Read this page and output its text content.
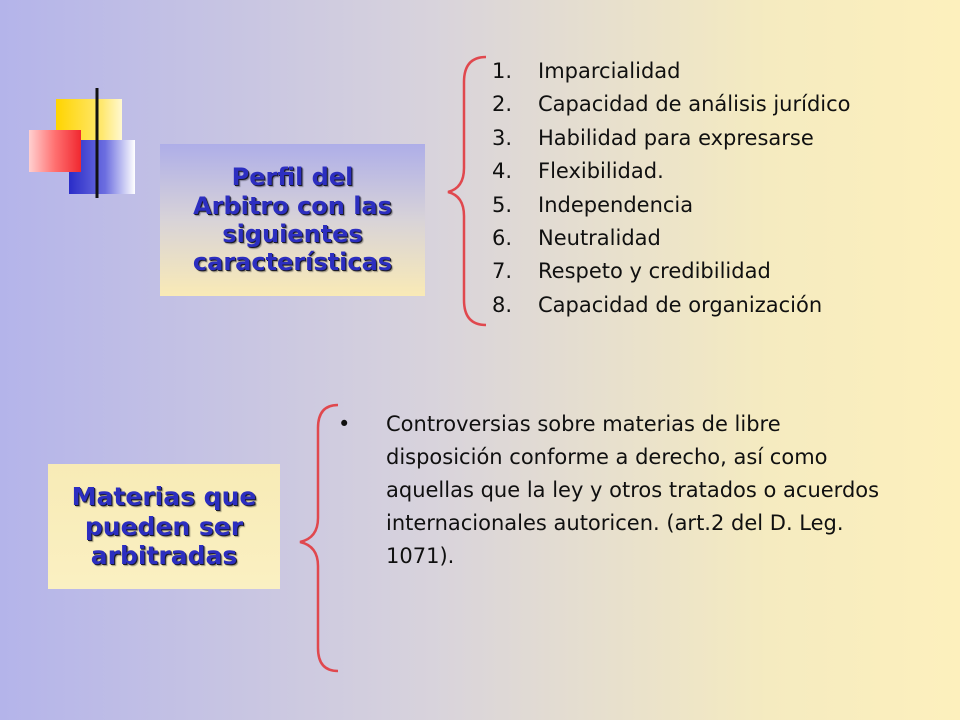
Perfil del
Arbitro con las
siguientes
características
1.	Imparcialidad
2.	Capacidad de análisis jurídico
3.	Habilidad para expresarse
4.	Flexibilidad.
5.	Independencia
6.	Neutralidad
7.	Respeto y credibilidad
8.	Capacidad de organización
Materias que
pueden ser
arbitradas
•	Controversias sobre materias de libre disposición conforme a derecho, así como aquellas que la ley y otros tratados o acuerdos internacionales autoricen. (art.2 del D. Leg. 1071).
